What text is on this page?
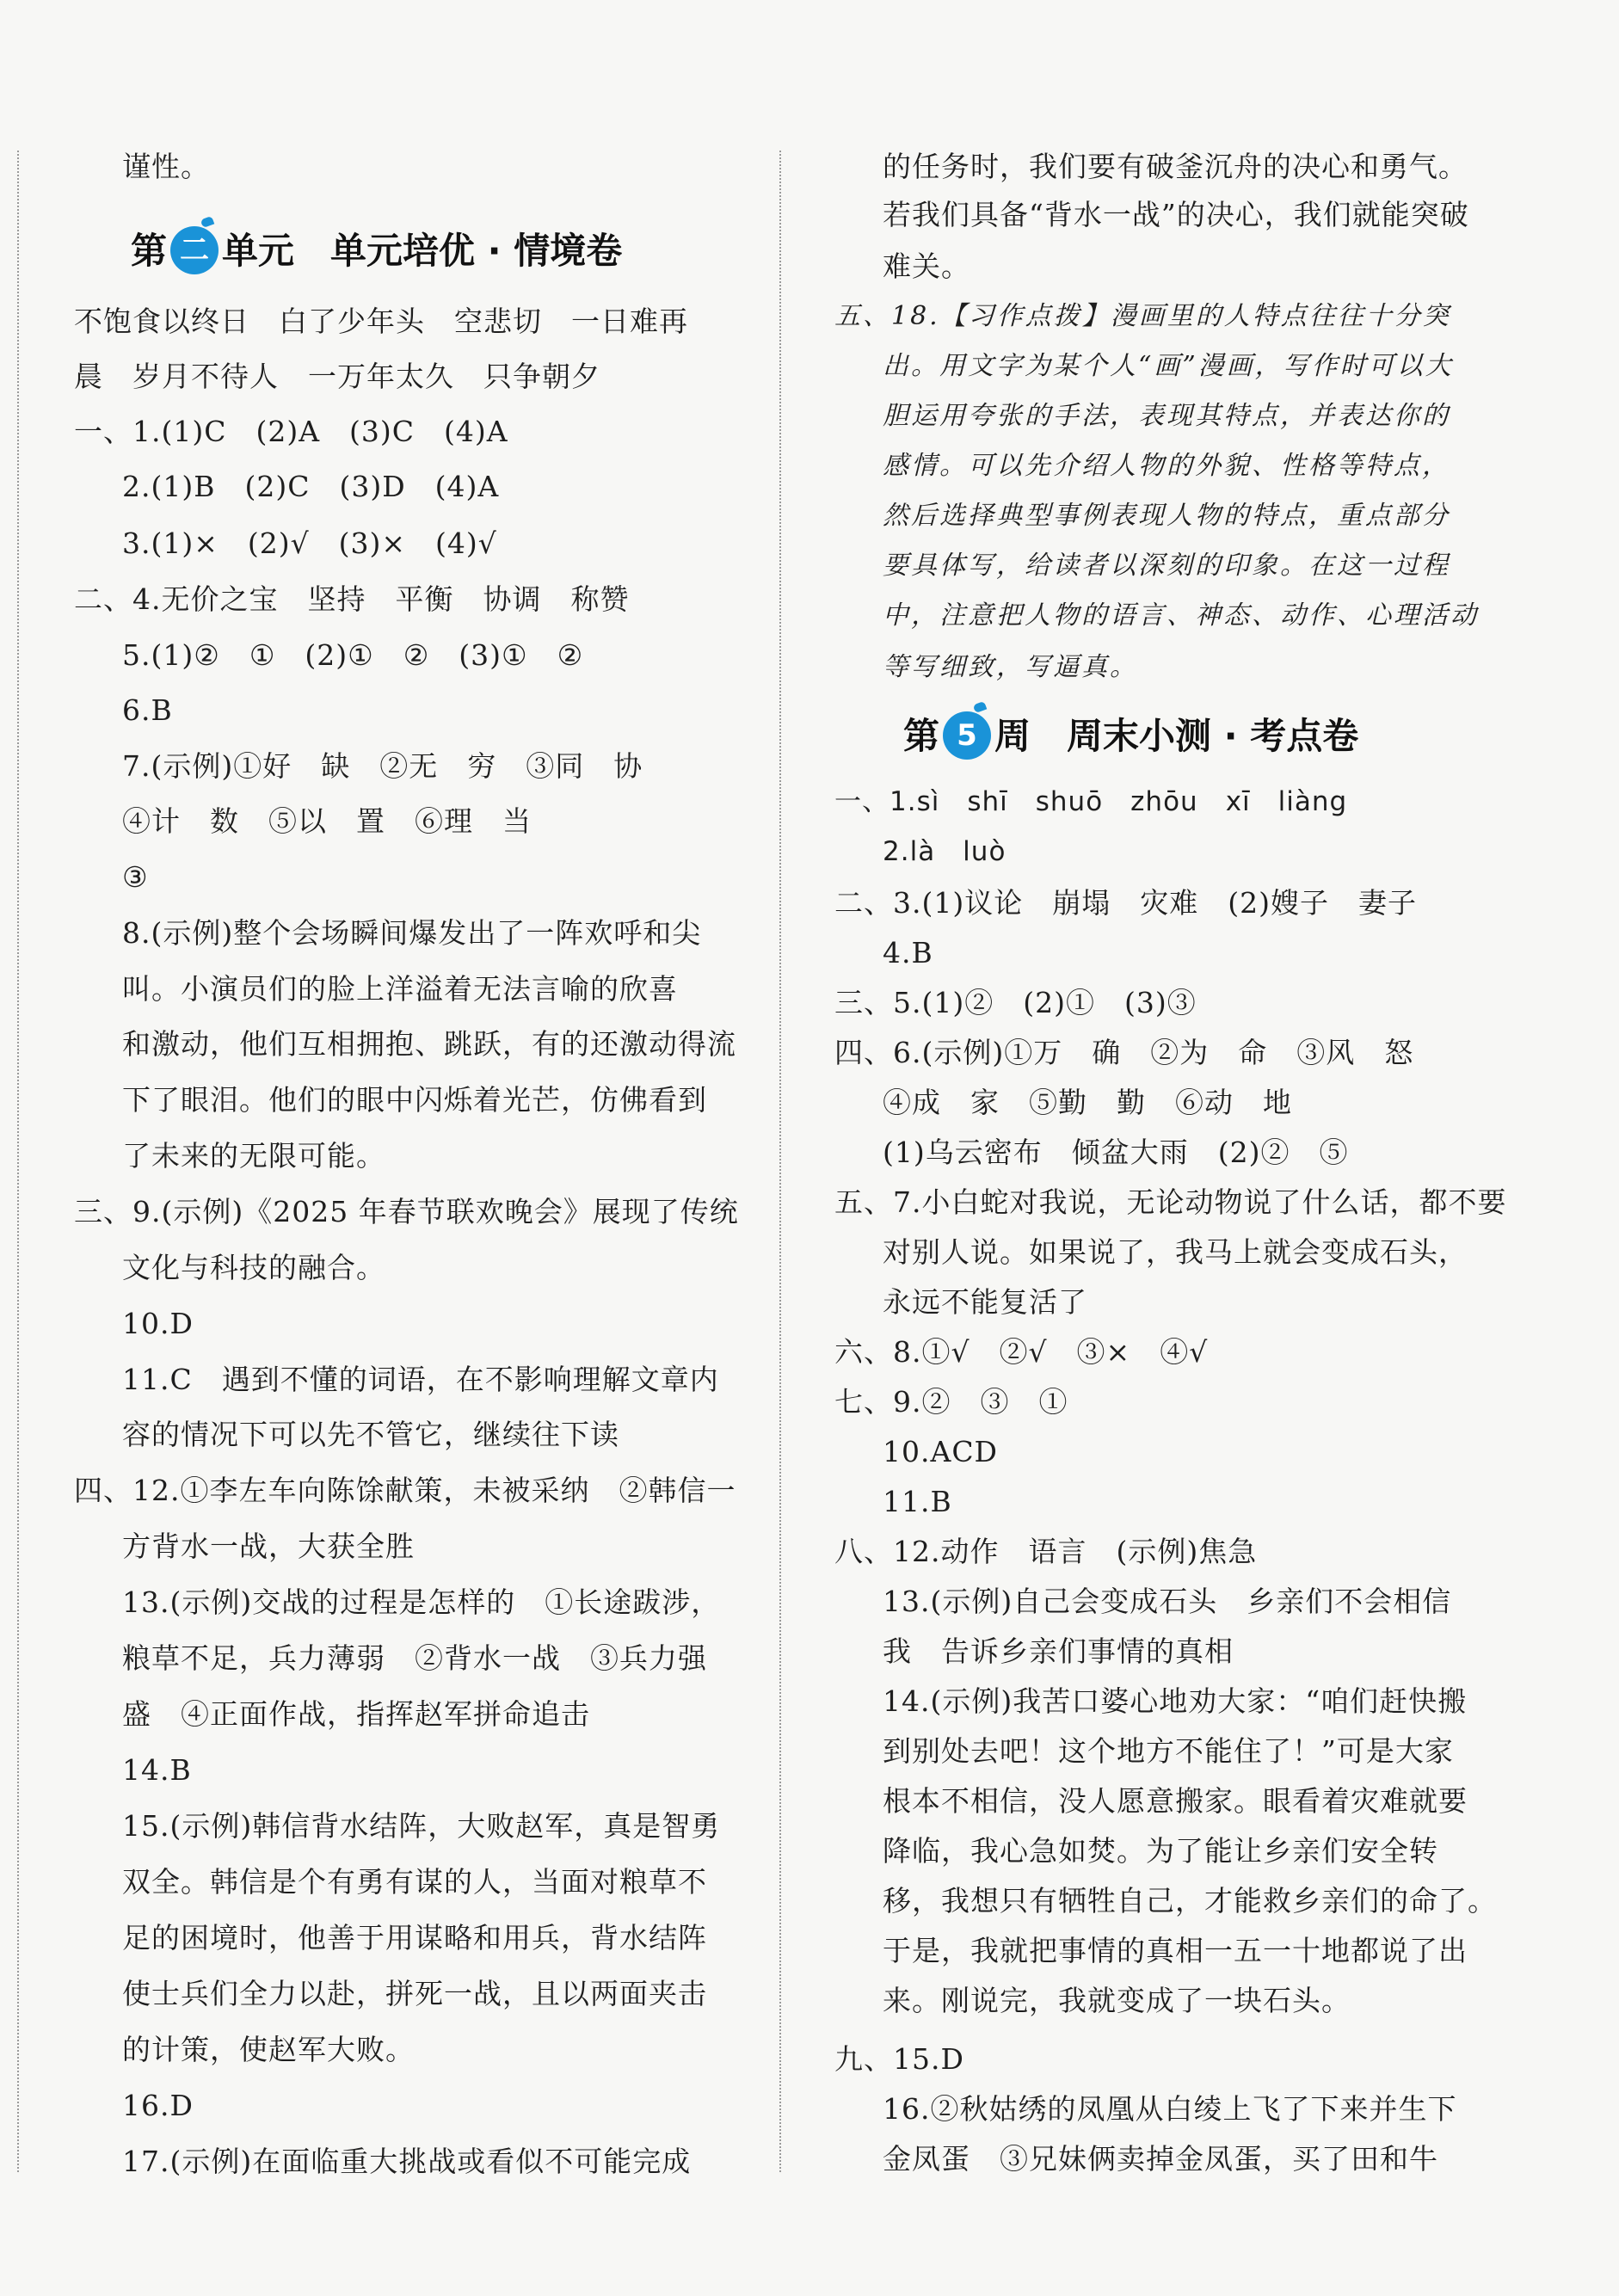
谨性。
第 二 单元　单元培优 · 情境卷
不饱食以终日　白了少年头　空悲切　一日难再
晨　岁月不待人　一万年太久　只争朝夕
一、1.(1)C　(2)A　(3)C　(4)A
2.(1)B　(2)C　(3)D　(4)A
3.(1)×　(2)√　(3)×　(4)√
二、4.无价之宝　坚持　平衡　协调　称赞
5.(1)②　①　(2)①　②　(3)①　②
6.B
7.(示例)①好　缺　②无　穷　③同　协
④计　数　⑤以　置　⑥理　当
③
8.(示例)整个会场瞬间爆发出了一阵欢呼和尖
叫。小演员们的脸上洋溢着无法言喻的欣喜
和激动，他们互相拥抱、跳跃，有的还激动得流
下了眼泪。他们的眼中闪烁着光芒，仿佛看到
了未来的无限可能。
三、9.(示例)《2025 年春节联欢晚会》展现了传统
文化与科技的融合。
10.D
11.C　遇到不懂的词语，在不影响理解文章内
容的情况下可以先不管它，继续往下读
四、12.①李左车向陈馀献策，未被采纳　②韩信一
方背水一战，大获全胜
13.(示例)交战的过程是怎样的　①长途跋涉，
粮草不足，兵力薄弱　②背水一战　③兵力强
盛　④正面作战，指挥赵军拼命追击
14.B
15.(示例)韩信背水结阵，大败赵军，真是智勇
双全。韩信是个有勇有谋的人，当面对粮草不
足的困境时，他善于用谋略和用兵，背水结阵
使士兵们全力以赴，拼死一战，且以两面夹击
的计策，使赵军大败。
16.D
17.(示例)在面临重大挑战或看似不可能完成
的任务时，我们要有破釜沉舟的决心和勇气。
若我们具备“背水一战”的决心，我们就能突破
难关。
五、18.【习作点拨】漫画里的人特点往往十分突
出。用文字为某个人“画”漫画，写作时可以大
胆运用夸张的手法，表现其特点，并表达你的
感情。可以先介绍人物的外貌、性格等特点，
然后选择典型事例表现人物的特点，重点部分
要具体写，给读者以深刻的印象。在这一过程
中，注意把人物的语言、神态、动作、心理活动
等写细致，写逼真。
第 5 周　周末小测 · 考点卷
一、1.sì　shī　shuō　zhōu　xī　liàng
2.là　luò
二、3.(1)议论　崩塌　灾难　(2)嫂子　妻子
4.B
三、5.(1)②　(2)①　(3)③
四、6.(示例)①万　确　②为　命　③风　怒
④成　家　⑤勤　勤　⑥动　地
(1)乌云密布　倾盆大雨　(2)②　⑤
五、7.小白蛇对我说，无论动物说了什么话，都不要
对别人说。如果说了，我马上就会变成石头，
永远不能复活了
六、8.①√　②√　③×　④√
七、9.②　③　①
10.ACD
11.B
八、12.动作　语言　(示例)焦急
13.(示例)自己会变成石头　乡亲们不会相信
我　告诉乡亲们事情的真相
14.(示例)我苦口婆心地劝大家：“咱们赶快搬
到别处去吧！这个地方不能住了！”可是大家
根本不相信，没人愿意搬家。眼看着灾难就要
降临，我心急如焚。为了能让乡亲们安全转
移，我想只有牺牲自己，才能救乡亲们的命了。
于是，我就把事情的真相一五一十地都说了出
来。刚说完，我就变成了一块石头。
九、15.D
16.②秋姑绣的凤凰从白绫上飞了下来并生下
金凤蛋　③兄妹俩卖掉金凤蛋，买了田和牛
